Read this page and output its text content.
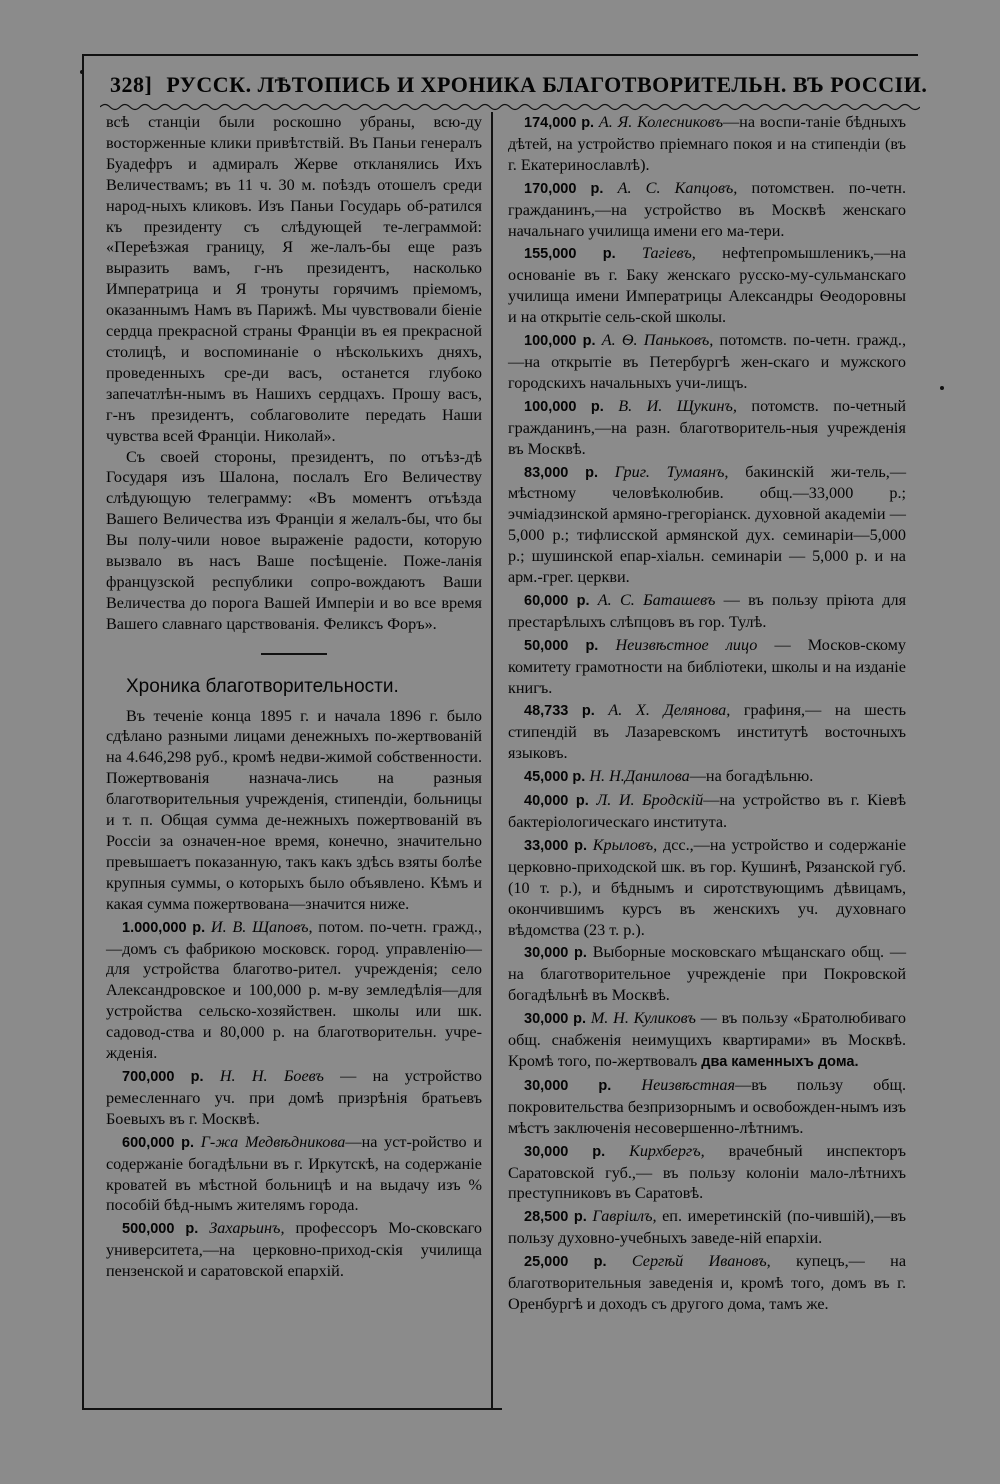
328] РУССК. ЛѢТОПИСЬ И ХРОНИКА БЛАГОТВОРИТЕЛЬН. ВЪ РОССІИ.

всѣ станціи были роскошно убраны, всю-ду восторженные клики привѣтствій. Въ Паньи генералъ Буадефръ и адмиралъ Жерве откланялись Ихъ Величествамъ; въ 11 ч. 30 м. поѣздъ отошелъ среди народ-ныхъ кликовъ. Изъ Паньи Государь об-ратился къ президенту съ слѣдующей те-леграммой: «Переѣзжая границу, Я же-лалъ-бы еще разъ выразить вамъ, г-нъ президентъ, насколько Императрица и Я тронуты горячимъ пріемомъ, оказаннымъ Намъ въ Парижѣ. Мы чувствовали біеніе сердца прекрасной страны Франціи въ ея прекрасной столицѣ, и воспоминаніе о нѣсколькихъ дняхъ, проведенныхъ сре-ди васъ, останется глубоко запечатлѣн-нымъ въ Нашихъ сердцахъ. Прошу васъ, г-нъ президентъ, соблаговолите передать Наши чувства всей Франціи. Николай».

Съ своей стороны, президентъ, по отъѣз-дѣ Государя изъ Шалона, послалъ Его Величеству слѣдующую телеграмму: «Въ моментъ отъѣзда Вашего Величества изъ Франціи я желалъ-бы, что бы Вы полу-чили новое выраженіе радости, которую вызвало въ насъ Ваше посѣщеніе. Поже-ланія французской республики сопро-вождаютъ Ваши Величества до порога Вашей Имперіи и во все время Вашего славнаго царствованія. Феликсъ Форъ».

Хроника благотворительности.

Въ теченіе конца 1895 г. и начала 1896 г. было сдѣлано разными лицами денежныхъ по-жертвованій на 4.646,298 руб., кромѣ недви-жимой собственности. Пожертвованія назнача-лись на разныя благотворительныя учрежденія, стипендіи, больницы и т. п. Общая сумма де-нежныхъ пожертвованій въ Россіи за означен-ное время, конечно, значительно превышаетъ показанную, такъ какъ здѣсь взяты болѣе крупныя суммы, о которыхъ было объявлено. Кѣмъ и какая сумма пожертвована—значится ниже.

1.000,000 р. И. В. Щаповъ, потом. по-четн. гражд.,—домъ съ фабрикою московск. город. управленію—для устройства благотво-рител. учрежденія; село Александровское и 100,000 р. м-ву земледѣлія—для устройства сельско-хозяйствен. школы или шк. садовод-ства и 80,000 р. на благотворительн. учре-жденія.

700,000 р. Н. Н. Боевъ — на устройство ремесленнаго уч. при домѣ призрѣнія братьевъ Боевыхъ въ г. Москвѣ.

600,000 р. Г-жа Медвѣдникова—на уст-ройство и содержаніе богадѣльни въ г. Иркутскѣ, на содержаніе кроватей въ мѣстной больницѣ и на выдачу изъ % пособій бѣд-нымъ жителямъ города.

500,000 р. Захарьинъ, профессоръ Мо-сковскаго университета,—на церковно-приход-скія училища пензенской и саратовской епархій.

174,000 р. А. Я. Колесниковъ—на воспи-таніе бѣдныхъ дѣтей, на устройство пріемнаго покоя и на стипендіи (въ г. Екатеринославлѣ).

170,000 р. А. С. Капцовъ, потомствен. по-четн. гражданинъ,—на устройство въ Москвѣ женскаго начальнаго училища имени его ма-тери.

155,000 р. Тагіевъ, нефтепромышленикъ,—на основаніе въ г. Баку женскаго русско-му-сульманскаго училища имени Императрицы Александры Ѳеодоровны и на открытіе сель-ской школы.

100,000 р. А. Ѳ. Паньковъ, потомств. по-четн. гражд.,—на открытіе въ Петербургѣ жен-скаго и мужского городскихъ начальныхъ учи-лищъ.

100,000 р. В. И. Щукинъ, потомств. по-четный гражданинъ,—на разн. благотворитель-ныя учрежденія въ Москвѣ.

83,000 р. Григ. Тумаянъ, бакинскій жи-тель,—мѣстному человѣколюбив. общ.—33,000 р.; эчміадзинской армяно-грегоріанск. духовной академіи — 5,000 р.; тифлисской армянской дух. семинаріи—5,000 р.; шушинской епар-хіальн. семинаріи — 5,000 р. и на арм.-грег. церкви.

60,000 р. А. С. Баташевъ — въ пользу пріюта для престарѣлыхъ слѣпцовъ въ гор. Тулѣ.

50,000 р. Неизвѣстное лицо — Москов-скому комитету грамотности на библіотеки, школы и на изданіе книгъ.

48,733 р. А. Х. Делянова, графиня,— на шесть стипендій въ Лазаревскомъ институтѣ восточныхъ языковъ.

45,000 р. Н. Н.Данилова—на богадѣльню.

40,000 р. Л. И. Бродскій—на устройство въ г. Кіевѣ бактеріологическаго института.

33,000 р. Крыловъ, дсс.,—на устройство и содержаніе церковно-приходской шк. въ гор. Кушинѣ, Рязанской губ. (10 т. р.), и бѣднымъ и сиротствующимъ дѣвицамъ, окончившимъ курсъ въ женскихъ уч. духовнаго вѣдомства (23 т. р.).

30,000 р. Выборные московскаго мѣщанскаго общ. — на благотворительное учрежденіе при Покровской богадѣльнѣ въ Москвѣ.

30,000 р. М. Н. Куликовъ — въ пользу «Братолюбиваго общ. снабженія неимущихъ квартирами» въ Москвѣ. Кромѣ того, по-жертвовалъ два каменныхъ дома.

30,000 р. Неизвѣстная—въ пользу общ. покровительства безпризорнымъ и освобожден-нымъ изъ мѣстъ заключенія несовершенно-лѣтнимъ.

30,000 р. Кирхбергъ, врачебный инспекторъ Саратовской губ.,— въ пользу колоніи мало-лѣтнихъ преступниковъ въ Саратовѣ.

28,500 р. Гавріилъ, еп. имеретинскій (по-чившій),—въ пользу духовно-учебныхъ заведе-ній епархіи.

25,000 р. Сергѣй Ивановъ, купецъ,— на благотворительныя заведенія и, кромѣ того, домъ въ г. Оренбургѣ и доходъ съ другого дома, тамъ же.
